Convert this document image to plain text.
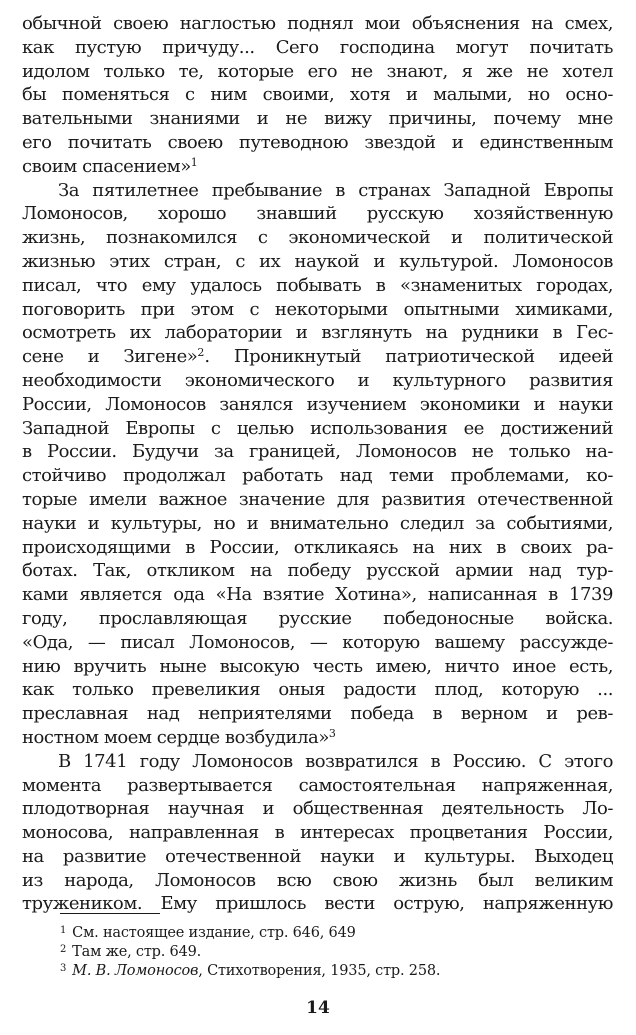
обычной своею наглостью поднял мои объяснения на смех,
как пустую причуду... Сего господина могут почитать
идолом только те, которые его не знают, я же не хотел
бы поменяться с ним своими, хотя и малыми, но осно-
вательными знаниями и не вижу причины, почему мне
его почитать своею путеводною звездой и единственным
своим спасением»$^1$
За пятилетнее пребывание в странах Западной Европы
Ломоносов, хорошо знавший русскую хозяйственную
жизнь, познакомился с экономической и политической
жизнью этих стран, с их наукой и культурой. Ломоносов
писал, что ему удалось побывать в «знаменитых городах,
поговорить при этом с некоторыми опытными химиками,
осмотреть их лаборатории и взглянуть на рудники в Гес-
сене и Зигене»$^2$. Проникнутый патриотической идеей
необходимости экономического и культурного развития
России, Ломоносов занялся изучением экономики и науки
Западной Европы с целью использования ее достижений
в России. Будучи за границей, Ломоносов не только на-
стойчиво продолжал работать над теми проблемами, ко-
торые имели важное значение для развития отечественной
науки и культуры, но и внимательно следил за событиями,
происходящими в России, откликаясь на них в своих ра-
ботах. Так, откликом на победу русской армии над тур-
ками является ода «На взятие Хотина», написанная в 1739
году, прославляющая русские победоносные войска.
«Ода, — писал Ломоносов, — которую вашему рассужде-
нию вручить ныне высокую честь имею, ничто иное есть,
как только превеликия оныя радости плод, которую ...
преславная над неприятелями победа в верном и рев-
ностном моем сердце возбудила»$^3$
В 1741 году Ломоносов возвратился в Россию. С этого
момента развертывается самостоятельная напряженная,
плодотворная научная и общественная деятельность Ло-
моносова, направленная в интересах процветания России,
на развитие отечественной науки и культуры. Выходец
из народа, Ломоносов всю свою жизнь был великим
тружеником. Ему пришлось вести острую, напряженную
$^1$ См. настоящее издание, стр. 646, 649
$^2$ Там же, стр. 649.
$^3$ М. В. Ломоносов, Стихотворения, 1935, стр. 258.
14
